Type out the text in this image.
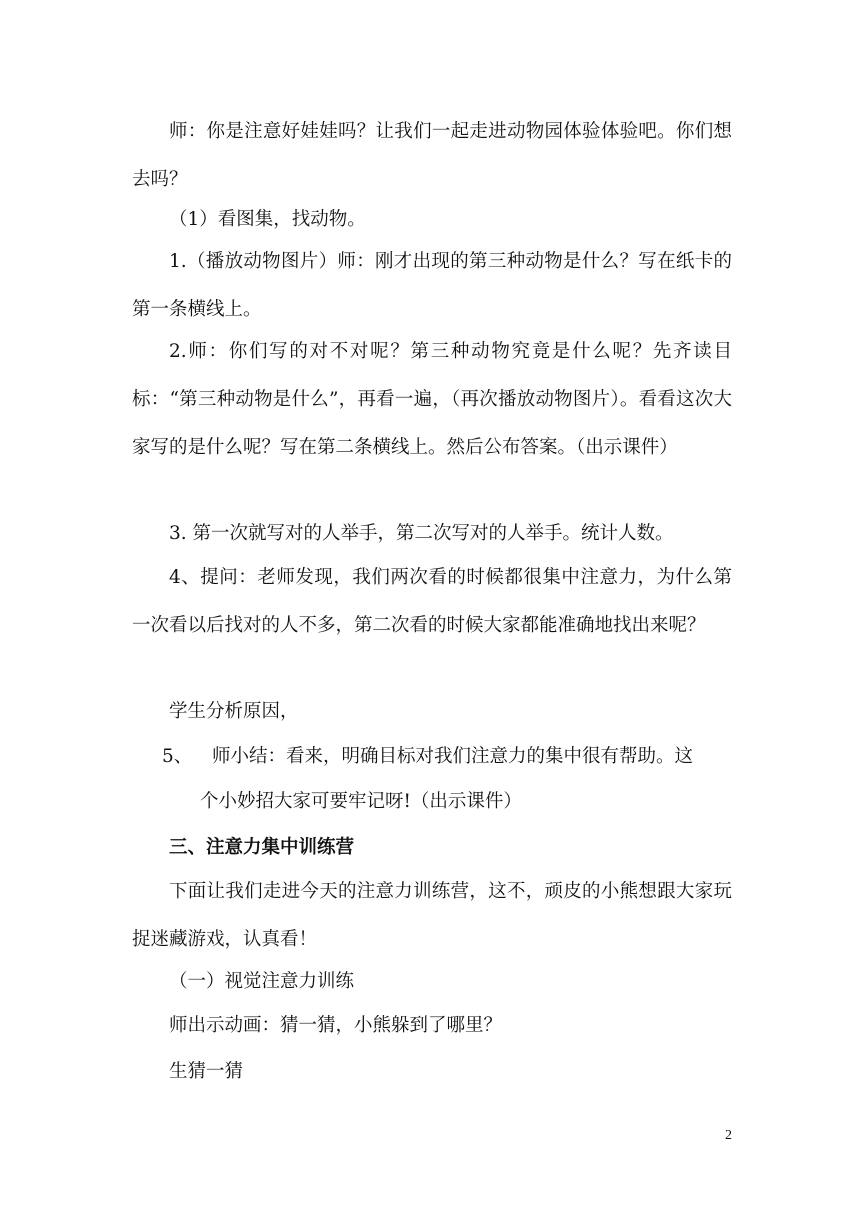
师：你是注意好娃娃吗？让我们一起走进动物园体验体验吧。你们想去吗？

（1）看图集，找动物。

1.（播放动物图片）师：刚才出现的第三种动物是什么？写在纸卡的第一条横线上。

2.师：你们写的对不对呢？第三种动物究竟是什么呢？先齐读目标：“第三种动物是什么”，再看一遍，（再次播放动物图片）。看看这次大家写的是什么呢？写在第二条横线上。然后公布答案。（出示课件）

3. 第一次就写对的人举手，第二次写对的人举手。统计人数。

4、提问：老师发现，我们两次看的时候都很集中注意力，为什么第一次看以后找对的人不多，第二次看的时候大家都能准确地找出来呢？

学生分析原因，

5、 师小结：看来，明确目标对我们注意力的集中很有帮助。这
个小妙招大家可要牢记呀!（出示课件）

三、注意力集中训练营

下面让我们走进今天的注意力训练营，这不，顽皮的小熊想跟大家玩捉迷藏游戏，认真看！

（一）视觉注意力训练

师出示动画：猜一猜，小熊躲到了哪里？

生猜一猜

2
